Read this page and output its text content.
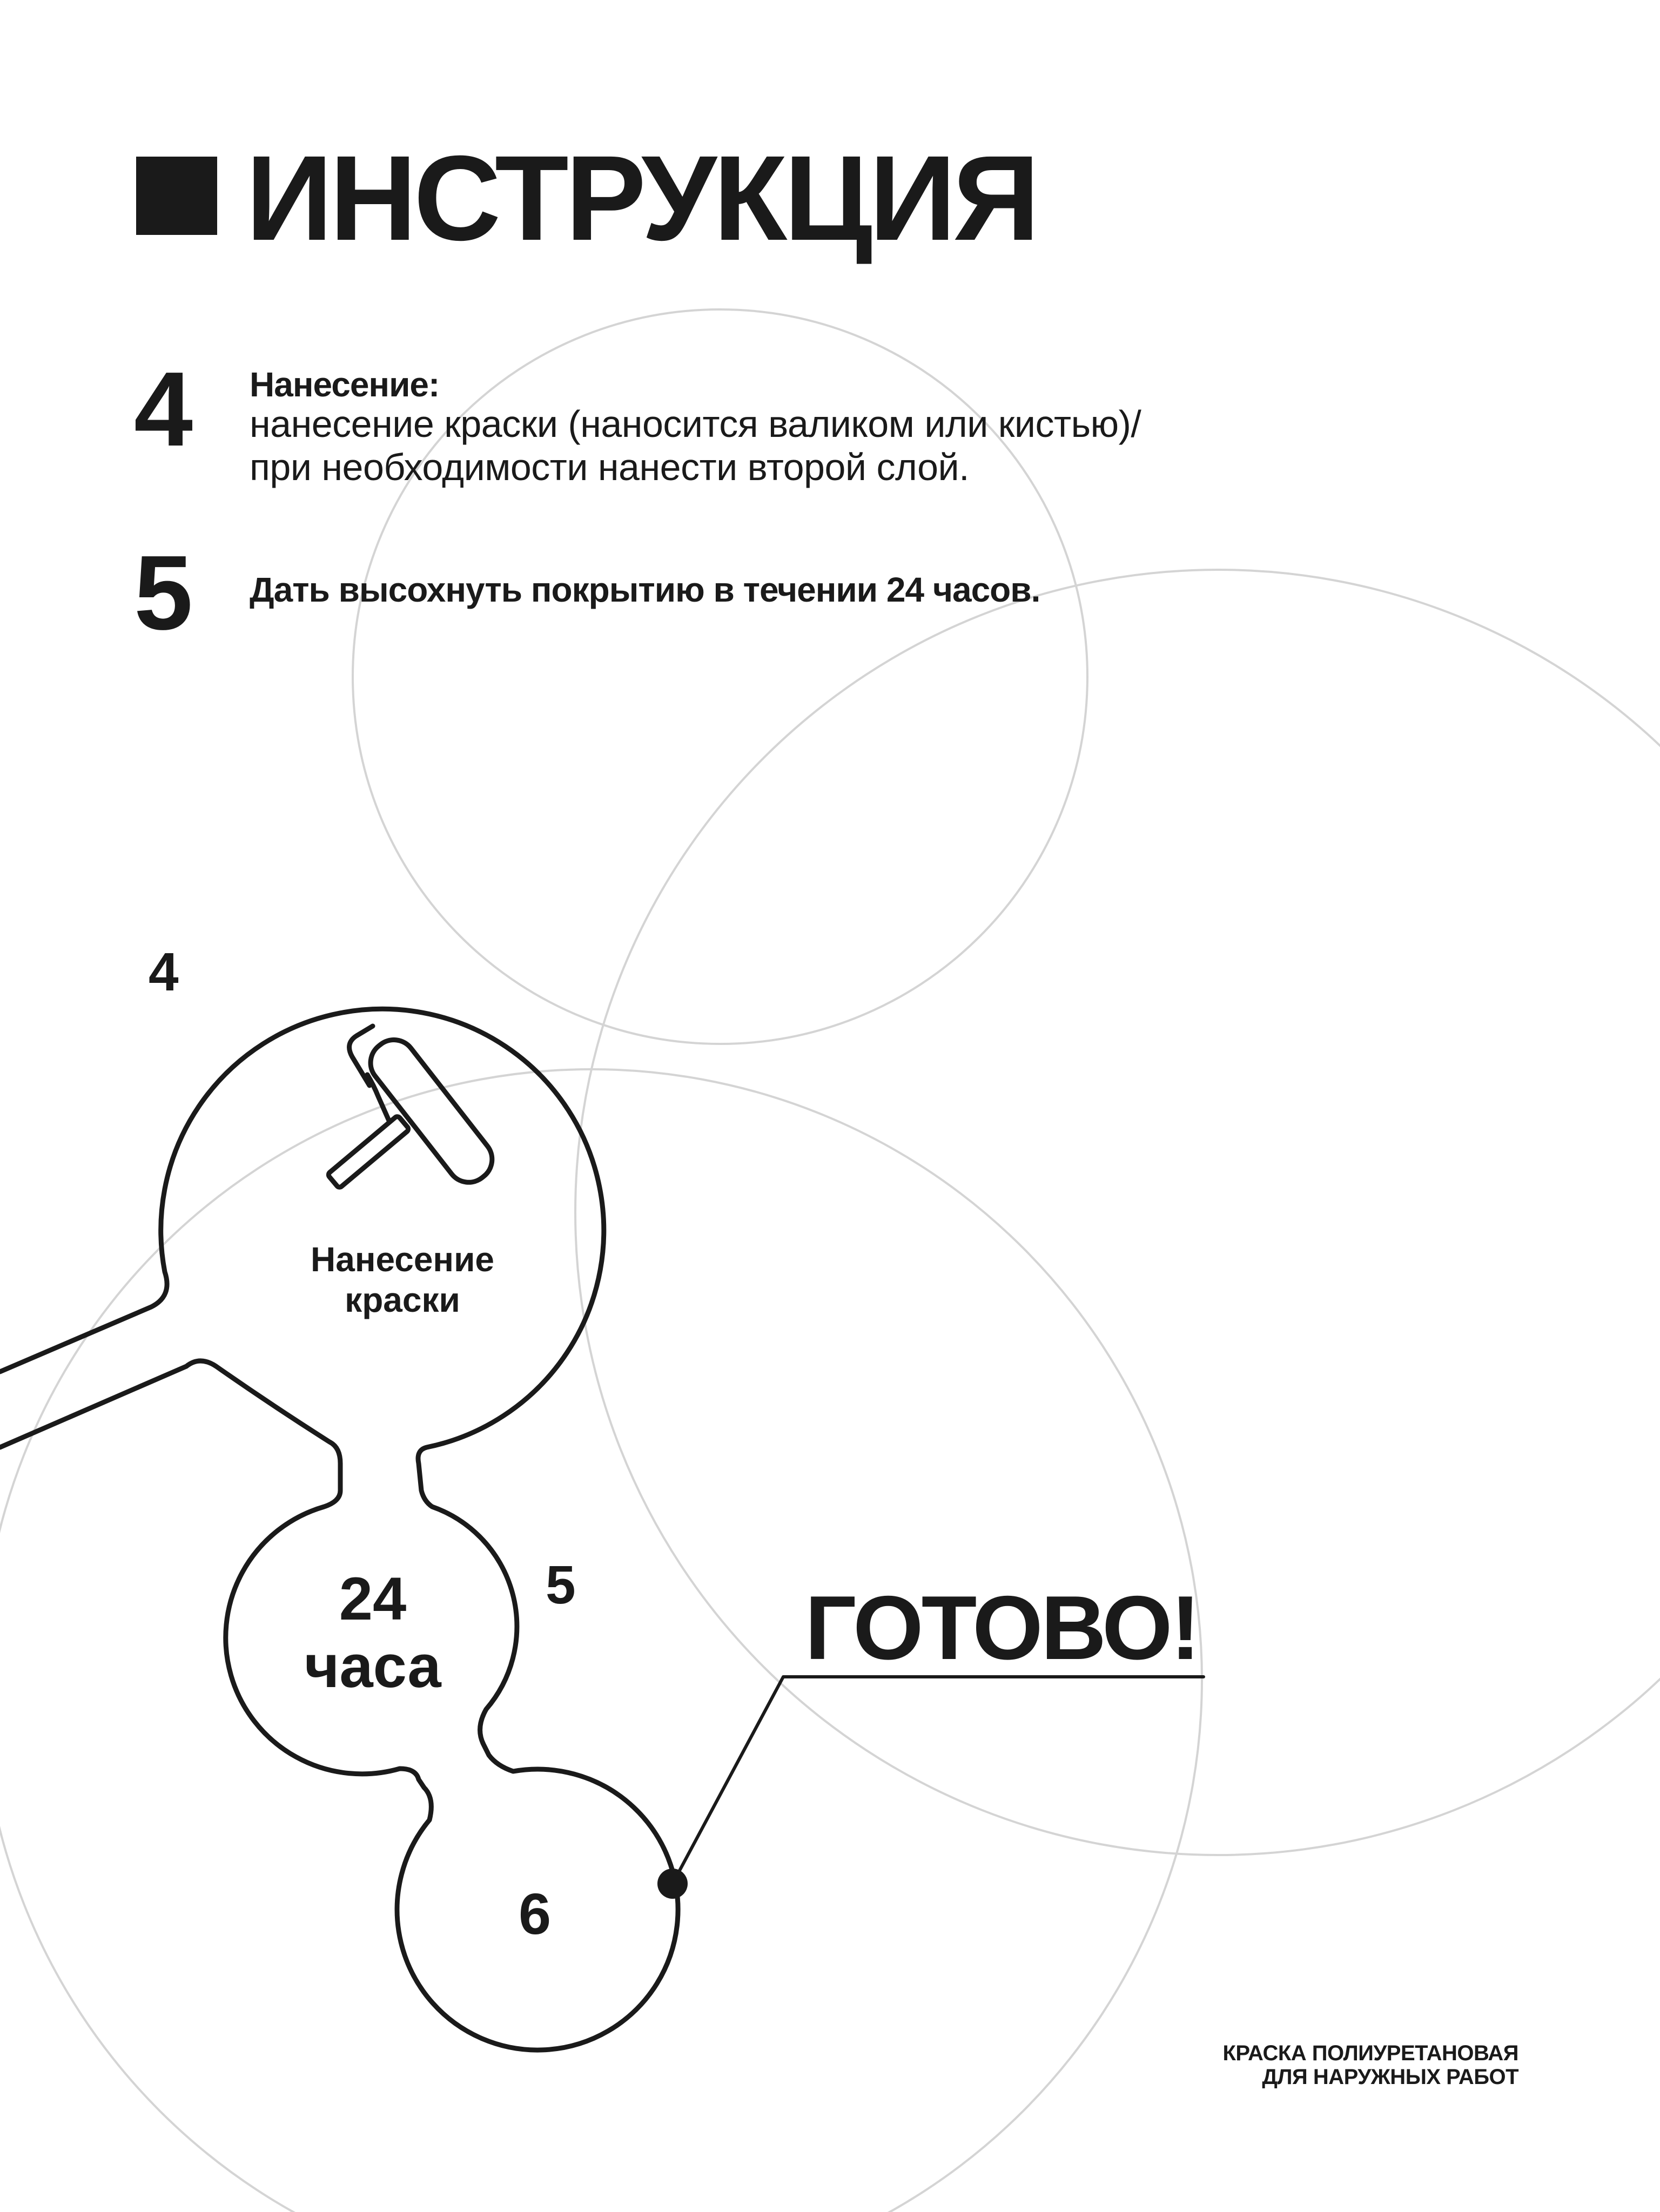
ИНСТРУКЦИЯ
4 Нанесение:
нанесение краски (наносится валиком или кистью)/
при необходимости нанести второй слой.
5 Дать высохнуть покрытию в течении 24 часов.
4
Нанесение
краски
5
24
часа
6
ГОТОВО!
КРАСКА ПОЛИУРЕТАНОВАЯ
ДЛЯ НАРУЖНЫХ РАБОТ
